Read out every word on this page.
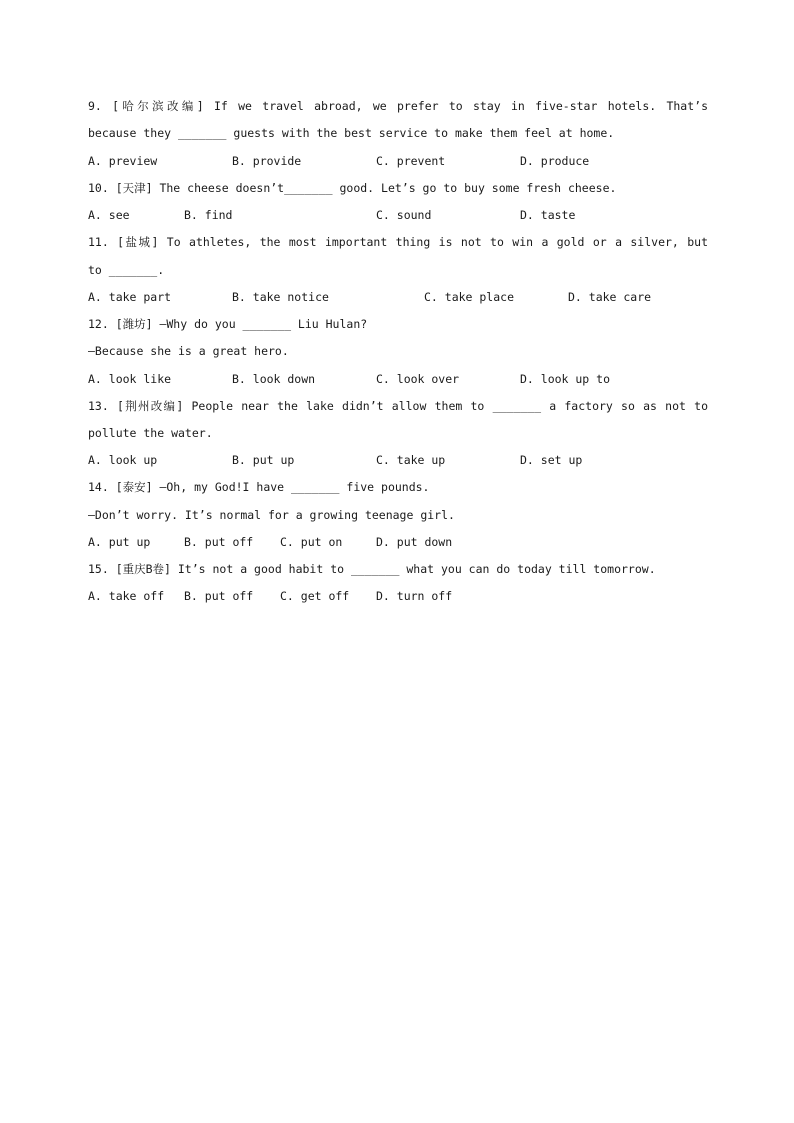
9. [哈尔滨改编] If we travel abroad, we prefer to stay in five-star hotels. That’s
because they _______ guests with the best service to make them feel at home.
A. preview	B. provide	C. prevent	D. produce
10. [天津] The cheese doesn’t_______ good. Let’s go to buy some fresh cheese.
A. see	B. find	C. sound	D. taste
11. [盐城] To athletes, the most important thing is not to win a gold or a silver, but
to _______.
A. take part	B. take notice	C. take place	D. take care
12. [潍坊] —Why do you _______ Liu Hulan?
—Because she is a great hero.
A. look like	B. look down	C. look over	D. look up to
13. [荆州改编] People near the lake didn’t allow them to _______ a factory so as not to
pollute the water.
A. look up	B. put up	C. take up	D. set up
14. [泰安] —Oh, my God!I have _______ five pounds.
—Don’t worry. It’s normal for a growing teenage girl.
A. put up	B. put off C. put on	D. put down
15. [重庆B卷] It’s not a good habit to _______ what you can do today till tomorrow.
A. take off B. put off C. get off D. turn off
